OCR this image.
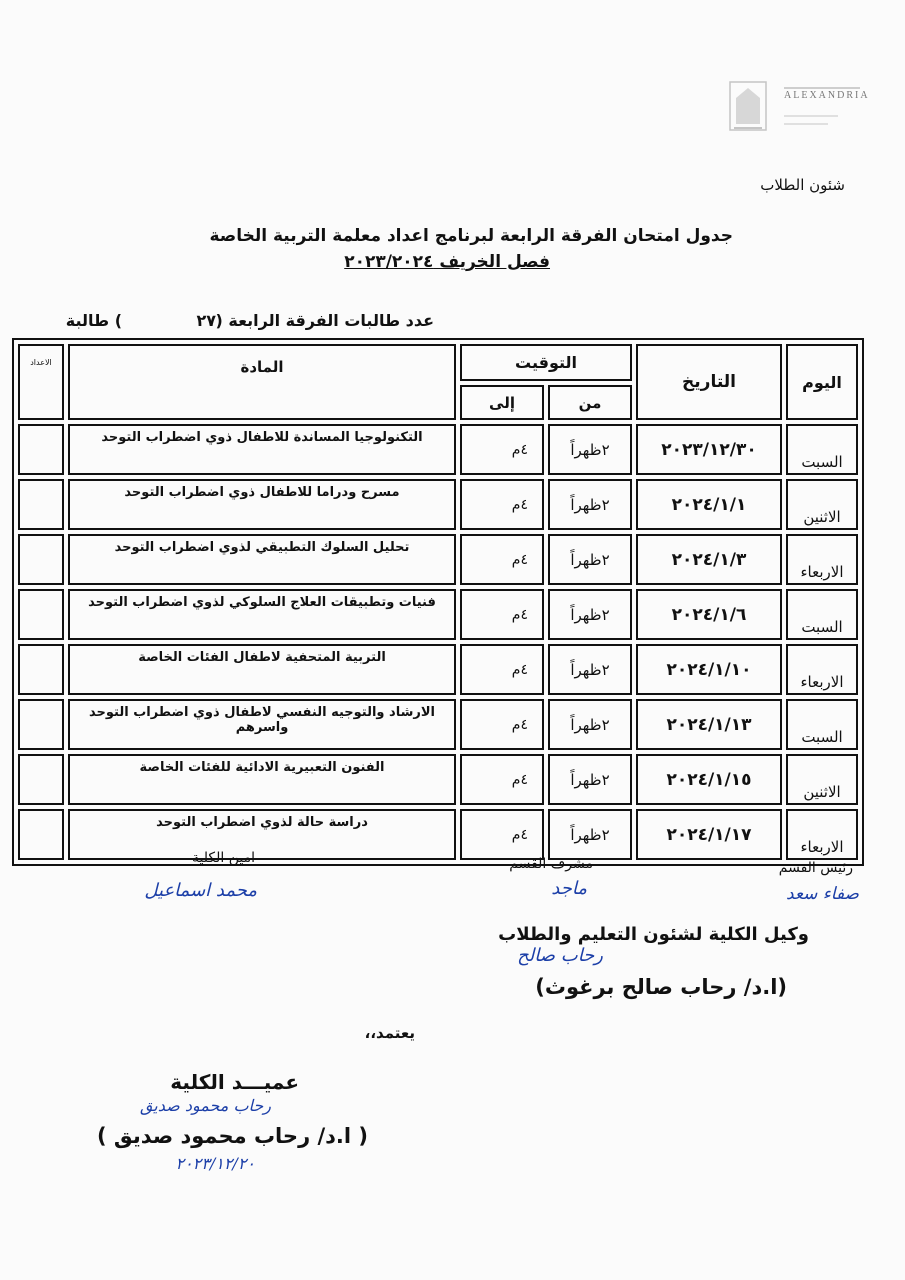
ALEXANDRIA
شئون الطلاب
جدول امتحان الفرقة الرابعة لبرنامج اعداد معلمة التربية الخاصة
فصل الخريف ٢٠٢٣/٢٠٢٤
عدد طالبات الفرقة الرابعة (
٢٧
) طالبة
اليوم	التاريخ	التوقيت		المادة	الاعداد
		من	إلى		
السبت	٢٠٢٣/١٢/٣٠	٢ظهراً	٤م	التكنولوجيا المساندة للاطفال ذوي اضطراب التوحد	
الاثنين	٢٠٢٤/١/١	٢ظهراً	٤م	مسرح ودراما للاطفال ذوي اضطراب التوحد	
الاربعاء	٢٠٢٤/١/٣	٢ظهراً	٤م	تحليل السلوك التطبيقي لذوي اضطراب التوحد	
السبت	٢٠٢٤/١/٦	٢ظهراً	٤م	فنيات وتطبيقات العلاج السلوكي لذوي اضطراب التوحد	
الاربعاء	٢٠٢٤/١/١٠	٢ظهراً	٤م	التربية المتحفية لاطفال الفئات الخاصة	
السبت	٢٠٢٤/١/١٣	٢ظهراً	٤م	الارشاد والتوجيه النفسي لاطفال ذوي اضطراب التوحد واسرهم	
الاثنين	٢٠٢٤/١/١٥	٢ظهراً	٤م	الفنون التعبيرية الادائية للفئات الخاصة	
الاربعاء	٢٠٢٤/١/١٧	٢ظهراً	٤م	دراسة حالة لذوي اضطراب التوحد	
رئيس القسم
صفاء سعد
مشرف القسم
ماجد
امين الكلية
محمد اسماعيل
وكيل الكلية لشئون التعليم والطلاب
رحاب صالح
(ا.د/ رحاب صالح برغوث)
يعتمد،،
عميـــد الكلية
رحاب محمود صديق
( ا.د/ رحاب محمود صديق )
٢٠٢٣/١٢/٢٠
